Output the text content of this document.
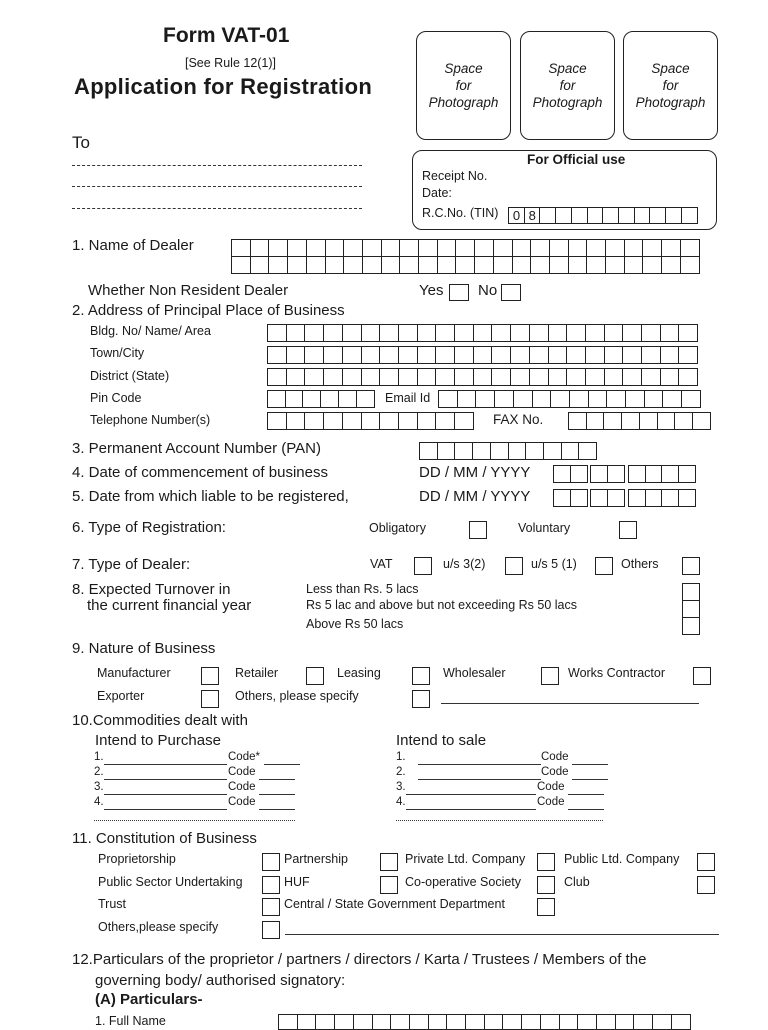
Form VAT-01
[See Rule 12(1)]
Application for Registration
To
Space
for
Photograph
Space
for
Photograph
Space
for
Photograph
For Official use
Receipt No.
Date:
R.C.No. (TIN)	0 8
1. Name of Dealer
Whether Non Resident Dealer	Yes No
2. Address of Principal Place of Business
Bldg. No/ Name/ Area
Town/City
District (State)
Pin Code	Email Id
Telephone Number(s)	FAX No.
3. Permanent Account Number (PAN)
4. Date of commencement of business	DD / MM / YYYY
5. Date from which liable to be registered,	DD / MM / YYYY
6. Type of Registration:	Obligatory	Voluntary
7. Type of Dealer:	VAT	u/s 3(2)	u/s 5 (1)	Others
8. Expected Turnover in
the current financial year
Less than Rs. 5 lacs
Rs 5 lac and above but not exceeding Rs 50 lacs
Above Rs 50 lacs
9. Nature of Business
Manufacturer	Retailer	Leasing	Wholesaler	Works Contractor
Exporter	Others, please specify
10.Commodities dealt with
Intend to Purchase	Intend to sale
1.	Code*
2.	Code
3.	Code
4.	Code
1.	Code
2.	Code
3.	Code
4.	Code
11. Constitution of Business
Proprietorship	Partnership	Private Ltd. Company	Public Ltd. Company
Public Sector Undertaking	HUF	Co-operative Society	Club
Trust	Central / State Government Department
Others,please specify
12.Particulars of the proprietor / partners / directors / Karta / Trustees / Members of the
governing body/ authorised signatory:
(A) Particulars-
1. Full Name
